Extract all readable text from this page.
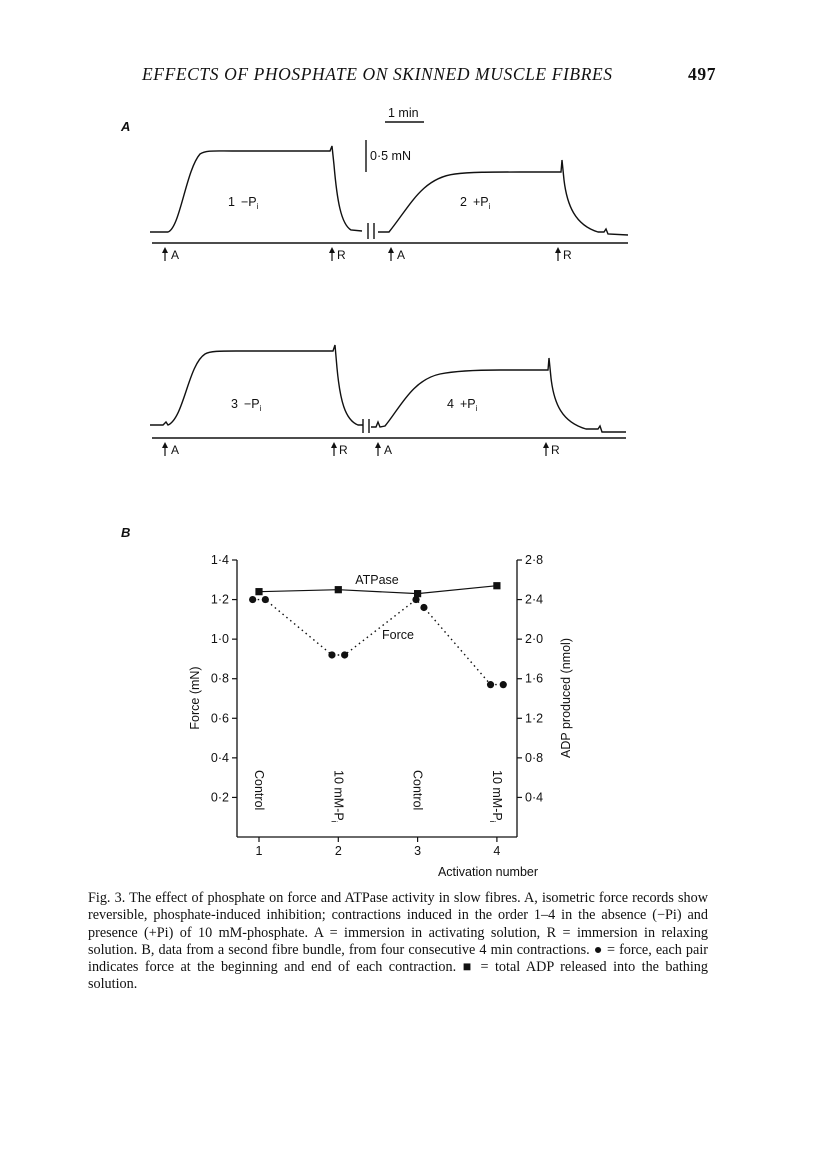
EFFECTS OF PHOSPHATE ON SKINNED MUSCLE FIBRES	497
A
B
A	R	A	R
A	R	A	R
1 min
0·5 mN
$1 -P_i$	$2 +P_i$
$3 -P_i$	$4 +P_i$
0·2
0·4
0·6
0·8
1·0
1·2
1·4
0·4
0·8
1·2
1·6
2·0
2·4
2·8
1	2	3	4
Activation number
Force (mN)	ADP produced (nmol)
ATPase
Force
Control	10 $mM-P_i$
Control	10 $mM-P_i$

Fig. 3. The effect of phosphate on force and ATPase activity in slow fibres. A, isometric force records show reversible, phosphate-induced inhibition; contractions induced in the order 1–4 in the absence (−Pi) and presence (+Pi) of 10 mM-phosphate. A = immersion in activating solution, R = immersion in relaxing solution. B, data from a second fibre bundle, from four consecutive 4 min contractions. ● = force, each pair indicates force at the beginning and end of each contraction. ■ = total ADP released into the bathing solution.
